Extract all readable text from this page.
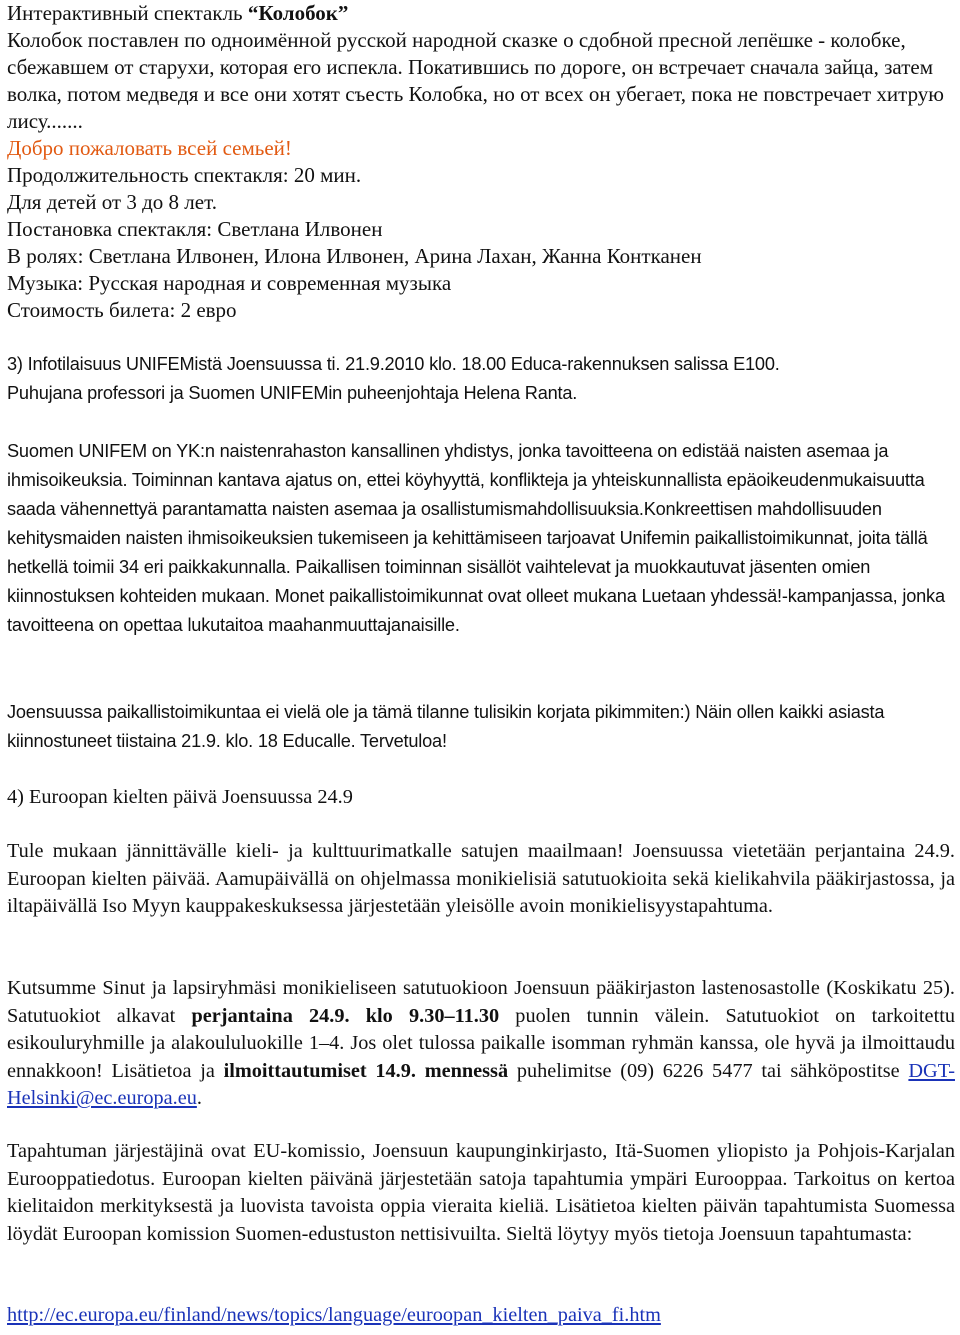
Интерактивный спектакль “Колобок”

Колобок поставлен по одноимённой русской народной сказке о сдобной пресной лепёшке - колобке, сбежавшем от старухи, которая его испекла. Покатившись по дороге, он встречает сначала зайца, затем волка, потом медведя и все они хотят съесть Колобка, но от всех он убегает, пока не повстречает хитрую лису.......

Добро пожаловать всей семьей!

Продолжительность спектакля: 20 мин.

Для детей от 3 до 8 лет.

Постановка спектакля: Светлана Илвонен

В ролях: Светлана Илвонен, Илона Илвонен, Арина Лахан, Жанна Контканен

Музыка: Русская народная и современная музыка

Стоимость билета: 2 евро

3) Infotilaisuus UNIFEMistä Joensuussa ti. 21.9.2010 klo. 18.00 Educa-rakennuksen salissa E100.

Puhujana professori ja Suomen UNIFEMin puheenjohtaja Helena Ranta.

Suomen UNIFEM on YK:n naistenrahaston kansallinen yhdistys, jonka tavoitteena on edistää naisten asemaa ja ihmisoikeuksia. Toiminnan kantava ajatus on, ettei köyhyyttä, konflikteja ja yhteiskunnallista epäoikeudenmukaisuutta saada vähennettyä parantamatta naisten asemaa ja osallistumismahdollisuuksia.Konkreettisen mahdollisuuden kehitysmaiden naisten ihmisoikeuksien tukemiseen ja kehittämiseen tarjoavat Unifemin paikallistoimikunnat, joita tällä hetkellä toimii 34 eri paikkakunnalla. Paikallisen toiminnan sisällöt vaihtelevat ja muokkautuvat jäsenten omien kiinnostuksen kohteiden mukaan. Monet paikallistoimikunnat ovat olleet mukana Luetaan yhdessä!-kampanjassa, jonka tavoitteena on opettaa lukutaitoa maahanmuuttajanaisille.
Joensuussa paikallistoimikuntaa ei vielä ole ja tämä tilanne tulisikin korjata pikimmiten:) Näin ollen kaikki asiasta kiinnostuneet tiistaina 21.9. klo. 18 Educalle. Tervetuloa!
4) Euroopan kielten päivä Joensuussa 24.9
Tule mukaan jännittävälle kieli- ja kulttuurimatkalle satujen maailmaan! Joensuussa vietetään perjantaina 24.9. Euroopan kielten päivää. Aamupäivällä on ohjelmassa monikielisiä satutuokioita sekä kielikahvila pääkirjastossa, ja iltapäivällä Iso Myyn kauppakeskuksessa järjestetään yleisölle avoin monikielisyystapahtuma.
Kutsumme Sinut ja lapsiryhmäsi monikieliseen satutuokioon Joensuun pääkirjaston lastenosastolle (Koskikatu 25). Satutuokiot alkavat perjantaina 24.9. klo 9.30–11.30 puolen tunnin välein. Satutuokiot on tarkoitettu esikouluryhmille ja alakoululuokille 1–4. Jos olet tulossa paikalle isomman ryhmän kanssa, ole hyvä ja ilmoittaudu ennakkoon! Lisätietoa ja ilmoittautumiset 14.9. mennessä puhelimitse (09) 6226 5477 tai sähköpostitse DGT-Helsinki@ec.europa.eu.
Tapahtuman järjestäjinä ovat EU-komissio, Joensuun kaupunginkirjasto, Itä-Suomen yliopisto ja Pohjois-Karjalan Eurooppatiedotus. Euroopan kielten päivänä järjestetään satoja tapahtumia ympäri Eurooppaa. Tarkoitus on kertoa kielitaidon merkityksestä ja luovista tavoista oppia vieraita kieliä. Lisätietoa kielten päivän tapahtumista Suomessa löydät Euroopan komission Suomen-edustuston nettisivuilta. Sieltä löytyy myös tietoja Joensuun tapahtumasta:
http://ec.europa.eu/finland/news/topics/language/euroopan_kielten_paiva_fi.htm
